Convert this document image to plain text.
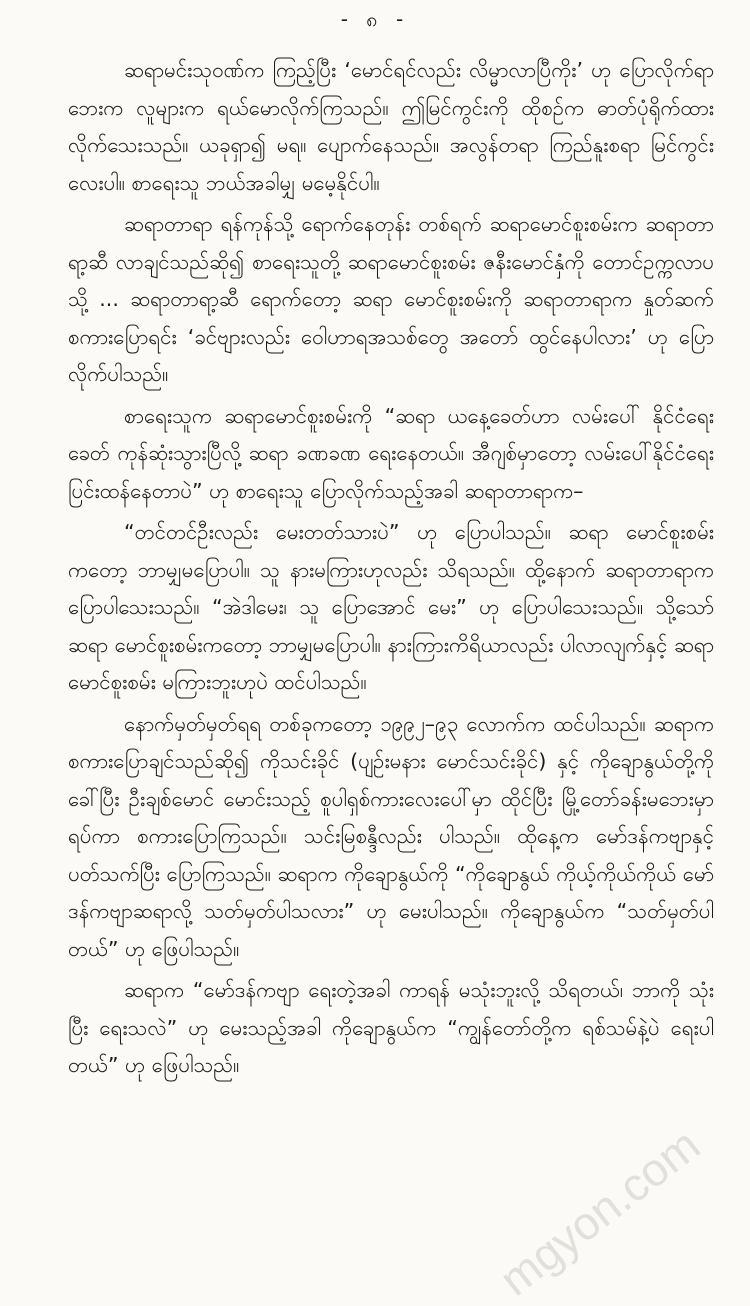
- ၈ -

ဆရာမင်းသုဝဏ်က ကြည့်ပြီး ‘မောင်ရင်လည်း လိမ္မာလာပြီကိုး’ ဟု ပြောလိုက်ရာ ဘေးက လူများက ရယ်မောလိုက်ကြသည်။ ဤမြင်ကွင်းကို ထိုစဉ်က ဓာတ်ပုံရိုက်ထားလိုက်သေးသည်။ ယခုရှာ၍ မရ။ ပျောက်နေသည်။ အလွန်တရာ ကြည်နူးစရာ မြင်ကွင်းလေးပါ။ စာရေးသူ ဘယ်အခါမျှ မမေ့နိုင်ပါ။

ဆရာတာရာ ရန်ကုန်သို့ ရောက်နေတုန်း တစ်ရက် ဆရာမောင်စူးစမ်းက ဆရာတာရာ့ဆီ လာချင်သည်ဆို၍ စာရေးသူတို့ ဆရာမောင်စူးစမ်း ဇနီးမောင်နှံကို တောင်ဥက္ကလာပ သို့ ... ဆရာတာရာ့ဆီ ရောက်တော့ ဆရာ မောင်စူးစမ်းကို ဆရာတာရာက နှုတ်ဆက်စကားပြောရင်း ‘ခင်ဗျားလည်း ဝေါဟာရအသစ်တွေ အတော် ထွင်နေပါလား’ ဟု ပြောလိုက်ပါသည်။

စာရေးသူက ဆရာမောင်စူးစမ်းကို “ဆရာ ယနေ့ခေတ်ဟာ လမ်းပေါ် နိုင်ငံရေးခေတ် ကုန်ဆုံးသွားပြီလို့ ဆရာ ခဏခဏ ရေးနေတယ်။ အီဂျစ်မှာတော့ လမ်းပေါ်နိုင်ငံရေး ပြင်းထန်နေတာပဲ” ဟု စာရေးသူ ပြောလိုက်သည့်အခါ ဆရာတာရာက–

“တင်တင်ဦးလည်း မေးတတ်သားပဲ” ဟု ပြောပါသည်။ ဆရာ မောင်စူးစမ်းကတော့ ဘာမျှမပြောပါ။ သူ နားမကြားဟုလည်း သိရသည်။ ထို့နောက် ဆရာတာရာက ပြောပါသေးသည်။ “အဲဒါမေး၊ သူ ပြောအောင် မေး” ဟု ပြောပါသေးသည်။ သို့သော် ဆရာ မောင်စူးစမ်းကတော့ ဘာမျှမပြောပါ။ နားကြားကိရိယာလည်း ပါလာလျက်နှင့် ဆရာမောင်စူးစမ်း မကြားဘူးဟုပဲ ထင်ပါသည်။

နောက်မှတ်မှတ်ရရ တစ်ခုကတော့ ၁၉၉၂–၉၃ လောက်က ထင်ပါသည်။ ဆရာက စကားပြောချင်သည်ဆို၍ ကိုသင်းခိုင် (ပျဉ်းမနား မောင်သင်းခိုင်) နှင့် ကိုချောနွယ်တို့ကိုခေါ်ပြီး ဦးချစ်မောင် မောင်းသည့် စူပါရှစ်ကားလေးပေါ်မှာ ထိုင်ပြီး မြို့တော်ခန်းမဘေးမှာ ရပ်ကာ စကားပြောကြသည်။ သင်းမြစန္ဒီလည်း ပါသည်။ ထိုနေ့က မော်ဒန်ကဗျာနှင့် ပတ်သက်ပြီး ပြောကြသည်။ ဆရာက ကိုချောနွယ်ကို “ကိုချောနွယ် ကိုယ့်ကိုယ်ကိုယ် မော်ဒန်ကဗျာဆရာလို့ သတ်မှတ်ပါသလား” ဟု မေးပါသည်။ ကိုချောနွယ်က “သတ်မှတ်ပါတယ်” ဟု ဖြေပါသည်။

ဆရာက “မော်ဒန်ကဗျာ ရေးတဲ့အခါ ကာရန် မသုံးဘူးလို့ သိရတယ်၊ ဘာကို သုံးပြီး ရေးသလဲ” ဟု မေးသည့်အခါ ကိုချောနွယ်က “ကျွန်တော်တို့က ရစ်သမ်နဲ့ပဲ ရေးပါတယ်” ဟု ဖြေပါသည်။

mgyon.com
